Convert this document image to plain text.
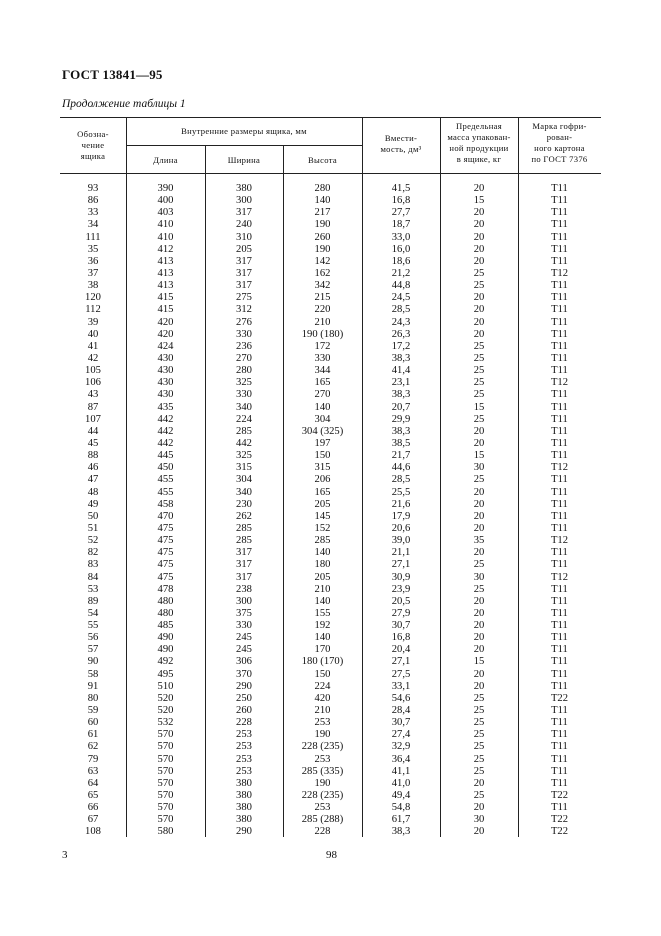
ГОСТ 13841—95
Продолжение таблицы 1
Обозна-
чение
ящика
Внутренние размеры ящика, мм
Длина	Ширина	Высота
Вмести-
мость, дм³
Предельная
масса упакован-
ной продукции
в ящике, кг
Марка гофри-
рован-
ного картона
по ГОСТ 7376
93	390	380	280	41,5	20	Т11
86	400	300	140	16,8	15	Т11
33	403	317	217	27,7	20	Т11
34	410	240	190	18,7	20	Т11
111	410	310	260	33,0	20	Т11
35	412	205	190	16,0	20	Т11
36	413	317	142	18,6	20	Т11
37	413	317	162	21,2	25	Т12
38	413	317	342	44,8	25	Т11
120	415	275	215	24,5	20	Т11
112	415	312	220	28,5	20	Т11
39	420	276	210	24,3	20	Т11
40	420	330	190 (180)	26,3	20	Т11
41	424	236	172	17,2	25	Т11
42	430	270	330	38,3	25	Т11
105	430	280	344	41,4	25	Т11
106	430	325	165	23,1	25	Т12
43	430	330	270	38,3	25	Т11
87	435	340	140	20,7	15	Т11
107	442	224	304	29,9	25	Т11
44	442	285	304 (325)	38,3	20	Т11
45	442	442	197	38,5	20	Т11
88	445	325	150	21,7	15	Т11
46	450	315	315	44,6	30	Т12
47	455	304	206	28,5	25	Т11
48	455	340	165	25,5	20	Т11
49	458	230	205	21,6	20	Т11
50	470	262	145	17,9	20	Т11
51	475	285	152	20,6	20	Т11
52	475	285	285	39,0	35	Т12
82	475	317	140	21,1	20	Т11
83	475	317	180	27,1	25	Т11
84	475	317	205	30,9	30	Т12
53	478	238	210	23,9	25	Т11
89	480	300	140	20,5	20	Т11
54	480	375	155	27,9	20	Т11
55	485	330	192	30,7	20	Т11
56	490	245	140	16,8	20	Т11
57	490	245	170	20,4	20	Т11
90	492	306	180 (170)	27,1	15	Т11
58	495	370	150	27,5	20	Т11
91	510	290	224	33,1	20	Т11
80	520	250	420	54,6	25	Т22
59	520	260	210	28,4	25	Т11
60	532	228	253	30,7	25	Т11
61	570	253	190	27,4	25	Т11
62	570	253	228 (235)	32,9	25	Т11
79	570	253	253	36,4	25	Т11
63	570	253	285 (335)	41,1	25	Т11
64	570	380	190	41,0	20	Т11
65	570	380	228 (235)	49,4	25	Т22
66	570	380	253	54,8	20	Т11
67	570	380	285 (288)	61,7	30	Т22
108	580	290	228	38,3	20	Т22
3	98
